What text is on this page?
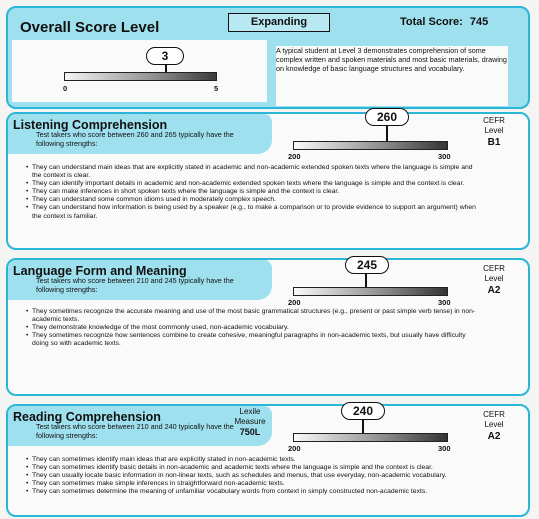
Overall Score Level	Expanding	Total Score: 745
3
0	5
A typical student at Level 3 demonstrates comprehension of some complex written and spoken materials and most basic materials, drawing on knowledge of basic language structures and vocabulary.
Listening Comprehension
Test takers who score between 260 and 265 typically have the following strengths:
260
200	300
CEFR
Level
B1
• They can understand main ideas that are explicitly stated in academic and non-academic extended spoken texts where the language is simple and the context is clear.
• They can identify important details in academic and non-academic extended spoken texts where the language is simple and the context is clear.
• They can make inferences in short spoken texts where the language is simple and the context is clear.
• They can understand some common idioms used in moderately complex speech.
• They can understand how information is being used by a speaker (e.g., to make a comparison or to provide evidence to support an argument) when the context is familiar.
Language Form and Meaning
Test takers who score between 210 and 245 typically have the following strengths:
245
200	300
CEFR
Level
A2
• They sometimes recognize the accurate meaning and use of the most basic grammatical structures (e.g., present or past simple verb tense) in non-academic texts.
• They demonstrate knowledge of the most commonly used, non-academic vocabulary.
• They sometimes recognize how sentences combine to create cohesive, meaningful paragraphs in non-academic texts, but usually have difficulty doing so with academic texts.
Reading Comprehension
Test takers who score between 210 and 240 typically have the following strengths:
Lexile
Measure
750L
240
200	300
CEFR
Level
A2
• They can sometimes identify main ideas that are explicitly stated in non-academic texts.
• They can sometimes identify basic details in non-academic and academic texts where the language is simple and the context is clear.
• They can usually locate basic information in non-linear texts, such as schedules and menus, that use everyday, non-academic vocabulary.
• They can sometimes make simple inferences in straightforward non-academic texts.
• They can sometimes determine the meaning of unfamiliar vocabulary words from context in simply constructed non-academic texts.
